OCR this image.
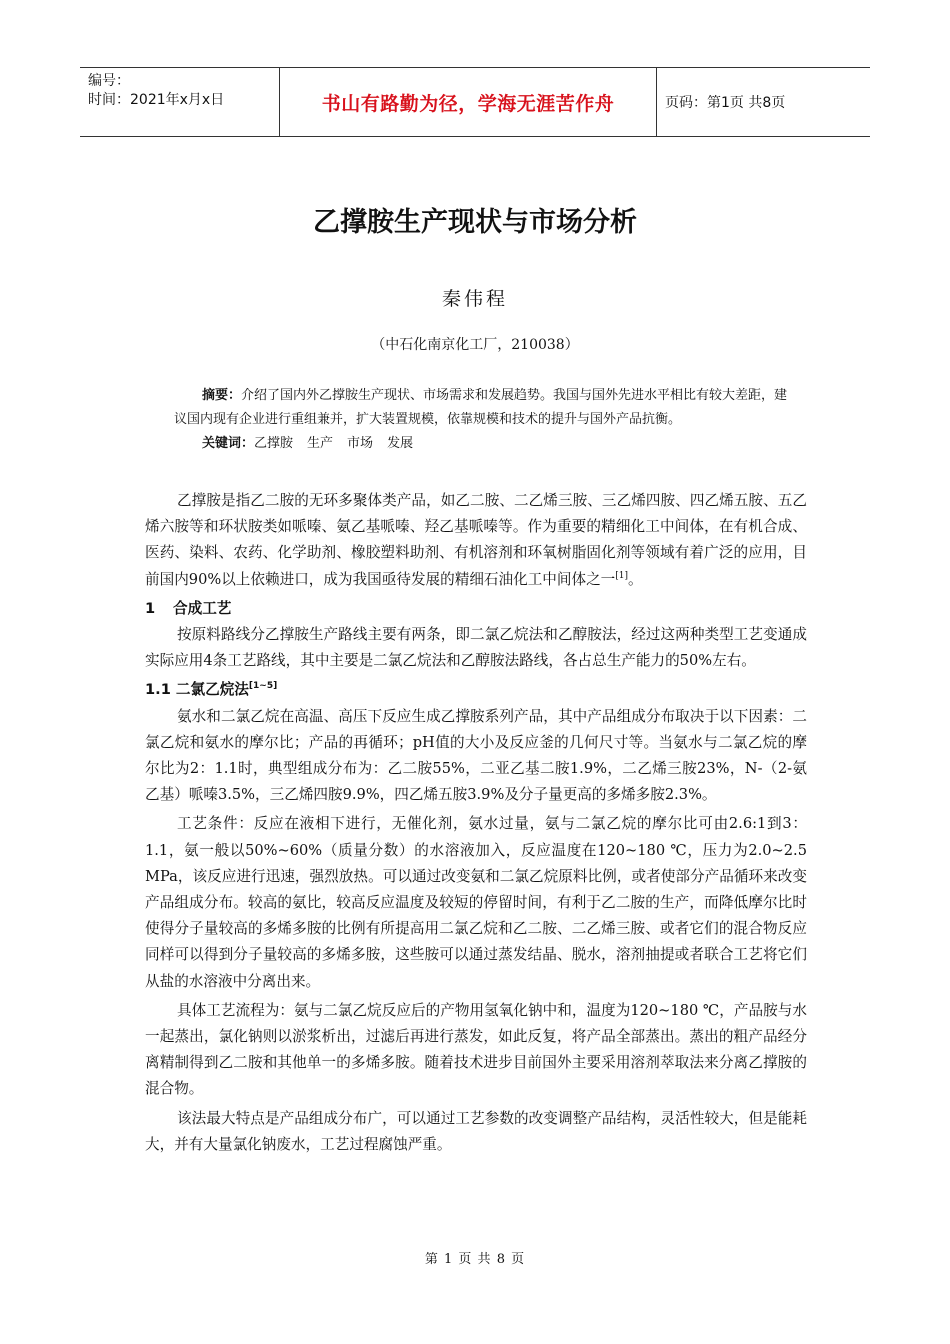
编号：
时间：2021年x月x日	书山有路勤为径，学海无涯苦作舟	页码：第1页 共8页
乙撑胺生产现状与市场分析
秦伟程
（中石化南京化工厂，210038）

摘要：介绍了国内外乙撑胺生产现状、市场需求和发展趋势。我国与国外先进水平相比有较大差距，建议国内现有企业进行重组兼并，扩大装置规模，依靠规模和技术的提升与国外产品抗衡。

关键词：乙撑胺 生产 市场 发展

乙撑胺是指乙二胺的无环多聚体类产品，如乙二胺、二乙烯三胺、三乙烯四胺、四乙烯五胺、五乙烯六胺等和环状胺类如哌嗪、氨乙基哌嗪、羟乙基哌嗪等。作为重要的精细化工中间体，在有机合成、医药、染料、农药、化学助剂、橡胶塑料助剂、有机溶剂和环氧树脂固化剂等领域有着广泛的应用，目前国内90%以上依赖进口，成为我国亟待发展的精细石油化工中间体之一[1]。

1 合成工艺

按原料路线分乙撑胺生产路线主要有两条，即二氯乙烷法和乙醇胺法，经过这两种类型工艺变通成实际应用4条工艺路线，其中主要是二氯乙烷法和乙醇胺法路线，各占总生产能力的50%左右。

1.1 二氯乙烷法[1~5]

氨水和二氯乙烷在高温、高压下反应生成乙撑胺系列产品，其中产品组成分布取决于以下因素：二氯乙烷和氨水的摩尔比；产品的再循环；pH值的大小及反应釜的几何尺寸等。当氨水与二氯乙烷的摩尔比为2：1.1时，典型组成分布为：乙二胺55%，二亚乙基二胺1.9%，二乙烯三胺23%，N-（2-氨乙基）哌嗪3.5%，三乙烯四胺9.9%，四乙烯五胺3.9%及分子量更高的多烯多胺2.3%。

工艺条件：反应在液相下进行，无催化剂，氨水过量，氨与二氯乙烷的摩尔比可由2.6:1到3：1.1，氨一般以50%~60%（质量分数）的水溶液加入，反应温度在120~180 ℃，压力为2.0~2.5 MPa，该反应进行迅速，强烈放热。可以通过改变氨和二氯乙烷原料比例，或者使部分产品循环来改变产品组成分布。较高的氨比，较高反应温度及较短的停留时间，有利于乙二胺的生产，而降低摩尔比时使得分子量较高的多烯多胺的比例有所提高用二氯乙烷和乙二胺、二乙烯三胺、或者它们的混合物反应同样可以得到分子量较高的多烯多胺，这些胺可以通过蒸发结晶、脱水，溶剂抽提或者联合工艺将它们从盐的水溶液中分离出来。

具体工艺流程为：氨与二氯乙烷反应后的产物用氢氧化钠中和，温度为120~180 ℃，产品胺与水一起蒸出，氯化钠则以淤浆析出，过滤后再进行蒸发，如此反复，将产品全部蒸出。蒸出的粗产品经分离精制得到乙二胺和其他单一的多烯多胺。随着技术进步目前国外主要采用溶剂萃取法来分离乙撑胺的混合物。

该法最大特点是产品组成分布广，可以通过工艺参数的改变调整产品结构，灵活性较大，但是能耗大，并有大量氯化钠废水，工艺过程腐蚀严重。

第 1 页 共 8 页
